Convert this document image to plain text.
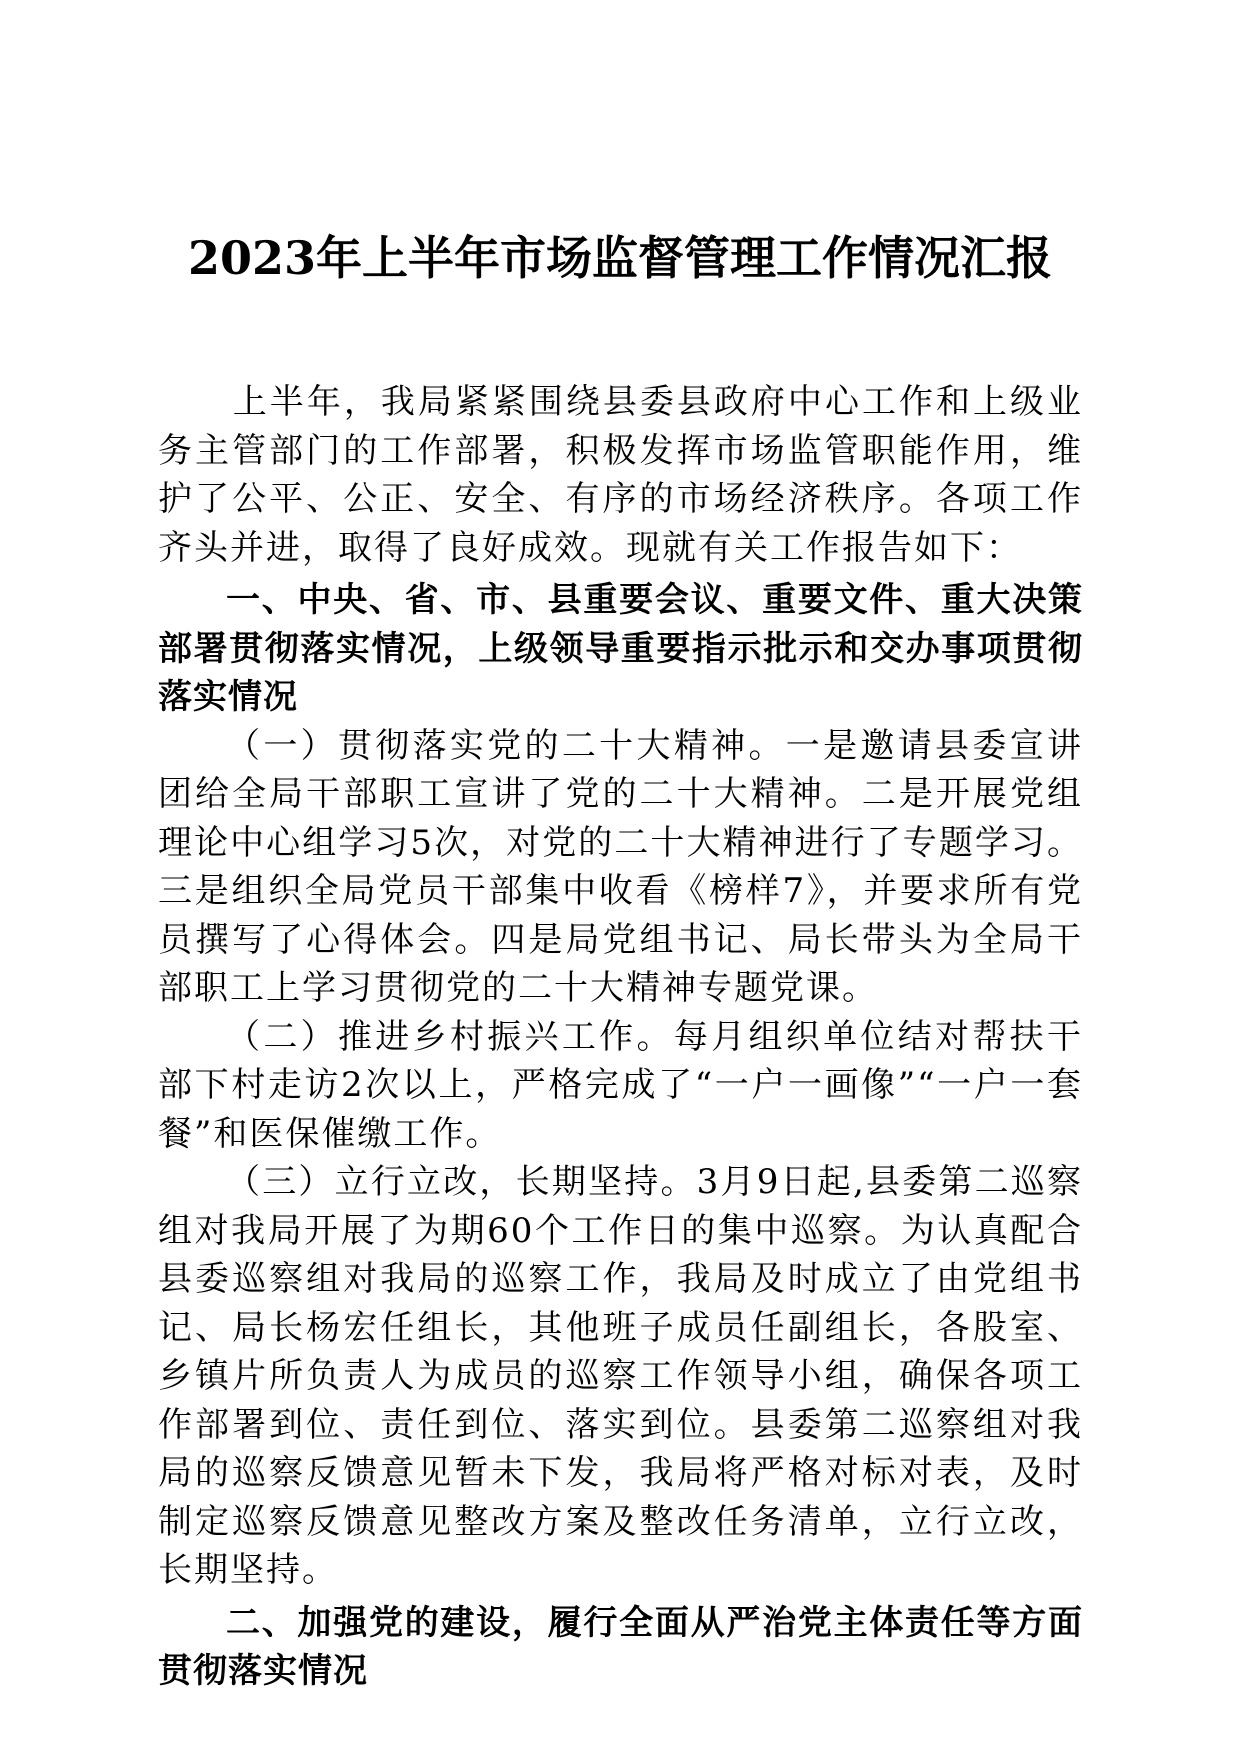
2023年上半年市场监督管理工作情况汇报

上半年，我局紧紧围绕县委县政府中心工作和上级业务主管部门的工作部署，积极发挥市场监管职能作用，维护了公平、公正、安全、有序的市场经济秩序。各项工作齐头并进，取得了良好成效。现就有关工作报告如下：

一、中央、省、市、县重要会议、重要文件、重大决策部署贯彻落实情况，上级领导重要指示批示和交办事项贯彻落实情况

（一）贯彻落实党的二十大精神。一是邀请县委宣讲团给全局干部职工宣讲了党的二十大精神。二是开展党组理论中心组学习5次，对党的二十大精神进行了专题学习。三是组织全局党员干部集中收看《榜样7》，并要求所有党员撰写了心得体会。四是局党组书记、局长带头为全局干部职工上学习贯彻党的二十大精神专题党课。

（二）推进乡村振兴工作。每月组织单位结对帮扶干部下村走访2次以上，严格完成了“一户一画像”“一户一套餐”和医保催缴工作。

（三）立行立改，长期坚持。3月9日起,县委第二巡察组对我局开展了为期60个工作日的集中巡察。为认真配合县委巡察组对我局的巡察工作，我局及时成立了由党组书记、局长杨宏任组长，其他班子成员任副组长，各股室、乡镇片所负责人为成员的巡察工作领导小组，确保各项工作部署到位、责任到位、落实到位。县委第二巡察组对我局的巡察反馈意见暂未下发，我局将严格对标对表，及时制定巡察反馈意见整改方案及整改任务清单，立行立改，长期坚持。

二、加强党的建设，履行全面从严治党主体责任等方面贯彻落实情况
